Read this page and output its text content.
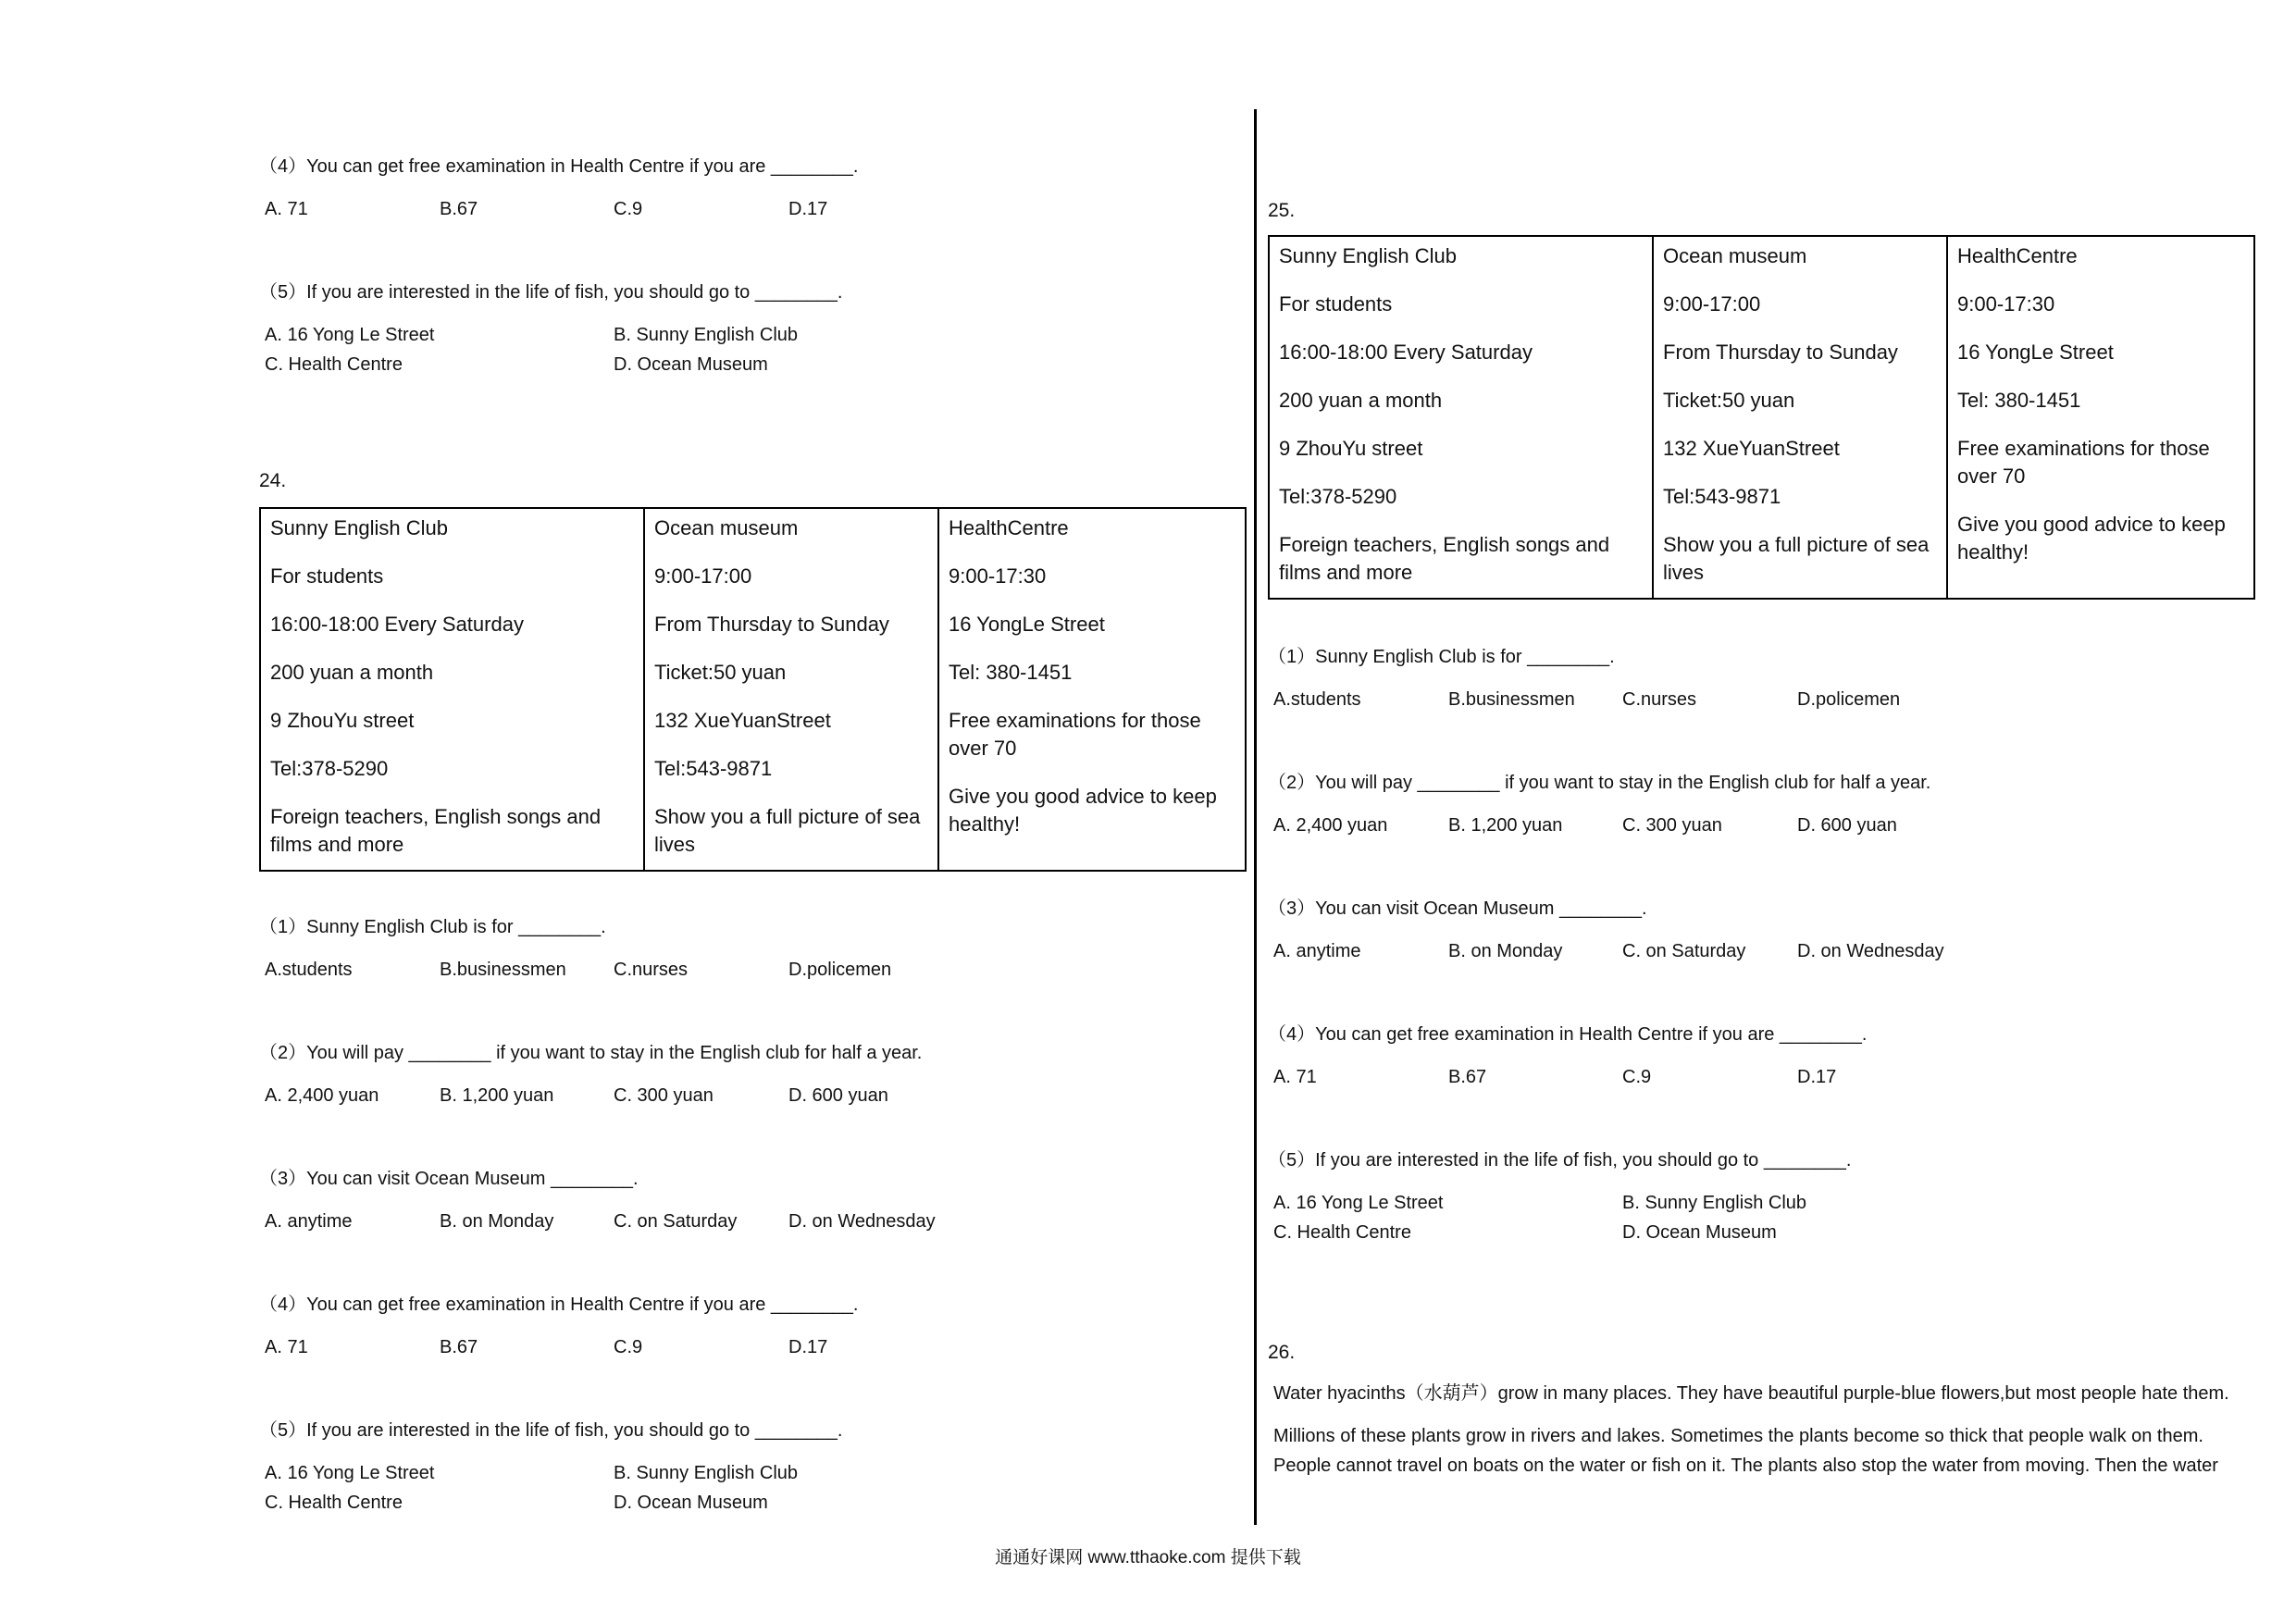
（4）You can get free examination in Health Centre if you are ________.

A. 71	B.67	C.9	D.17

（5）If you are interested in the life of fish, you should go to ________.

A. 16 Yong Le Street	B. Sunny English Club
C. Health Centre	D. Ocean Museum

24.

Sunny English Club
For students
16:00-18:00 Every Saturday
200 yuan a month
9 ZhouYu street
Tel:378-5290
Foreign teachers, English songs and films and more

Ocean museum
9:00-17:00
From Thursday to Sunday
Ticket:50 yuan
132 XueYuanStreet
Tel:543-9871
Show you a full picture of sea lives

HealthCentre
9:00-17:30
16 YongLe Street
Tel: 380-1451
Free examinations for those over 70
Give you good advice to keep healthy!

（1）Sunny English Club is for ________.

A.students	B.businessmen	C.nurses	D.policemen

（2）You will pay ________ if you want to stay in the English club for half a year.

A. 2,400 yuan	B. 1,200 yuan	C. 300 yuan	D. 600 yuan

（3）You can visit Ocean Museum ________.

A. anytime	B. on Monday	C. on Saturday	D. on Wednesday

（4）You can get free examination in Health Centre if you are ________.

A. 71	B.67	C.9	D.17

（5）If you are interested in the life of fish, you should go to ________.

A. 16 Yong Le Street	B. Sunny English Club
C. Health Centre	D. Ocean Museum

25.

Sunny English Club
For students
16:00-18:00 Every Saturday
200 yuan a month
9 ZhouYu street
Tel:378-5290
Foreign teachers, English songs and films and more

Ocean museum
9:00-17:00
From Thursday to Sunday
Ticket:50 yuan
132 XueYuanStreet
Tel:543-9871
Show you a full picture of sea lives

HealthCentre
9:00-17:30
16 YongLe Street
Tel: 380-1451
Free examinations for those over 70
Give you good advice to keep healthy!

（1）Sunny English Club is for ________.

A.students	B.businessmen	C.nurses	D.policemen

（2）You will pay ________ if you want to stay in the English club for half a year.

A. 2,400 yuan	B. 1,200 yuan	C. 300 yuan	D. 600 yuan

（3）You can visit Ocean Museum ________.

A. anytime	B. on Monday	C. on Saturday	D. on Wednesday

（4）You can get free examination in Health Centre if you are ________.

A. 71	B.67	C.9	D.17

（5）If you are interested in the life of fish, you should go to ________.

A. 16 Yong Le Street	B. Sunny English Club
C. Health Centre	D. Ocean Museum

26.

Water hyacinths（水葫芦）grow in many places. They have beautiful purple-blue flowers,but most people hate them.

Millions of these plants grow in rivers and lakes. Sometimes the plants become so thick that people walk on them. People cannot travel on boats on the water or fish on it. The plants also stop the water from moving. Then the water

通通好课网 www.tthaoke.com 提供下载
